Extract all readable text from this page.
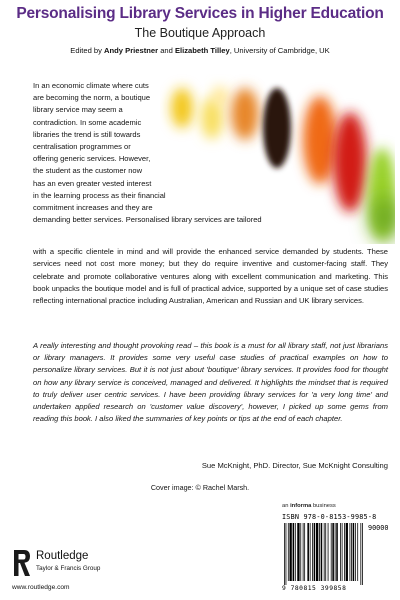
Personalising Library Services in Higher Education
The Boutique Approach
Edited by Andy Priestner and Elizabeth Tilley, University of Cambridge, UK

In an economic climate where cuts

are becoming the norm, a boutique

library service may seem a

contradiction. In some academic

libraries the trend is still towards

centralisation programmes or

offering generic services. However,

the student as the customer now

has an even greater vested interest

in the learning process as their financial

commitment increases and they are

demanding better services. Personalised library services are tailored

with a specific clientele in mind and will provide the enhanced service demanded by students. These services need not cost more money; but they do require inventive and customer-facing staff. They celebrate and promote collaborative ventures along with excellent communication and marketing. This book unpacks the boutique model and is full of practical advice, supported by a unique set of case studies reflecting international practice including Australian, American and Russian and UK library services.

A really interesting and thought provoking read – this book is a must for all library staff, not just librarians or library managers. It provides some very useful case studies of practical examples on how to personalize library services. But it is not just about 'boutique' library services. It provides food for thought on how any library service is conceived, managed and delivered. It highlights the mindset that is required to truly deliver user centric services. I have been providing library services for 'a very long time' and undertaken applied research on 'customer value discovery', however, I picked up some gems from reading this book. I also liked the summaries of key points or tips at the end of each chapter.

Sue McKnight, PhD. Director, Sue McKnight Consulting
Cover image: © Rachel Marsh.
an informa business
ISBN 978-0-8153-9985-8
90000
9 780815 399858
Routledge
Taylor & Francis Group
www.routledge.com
